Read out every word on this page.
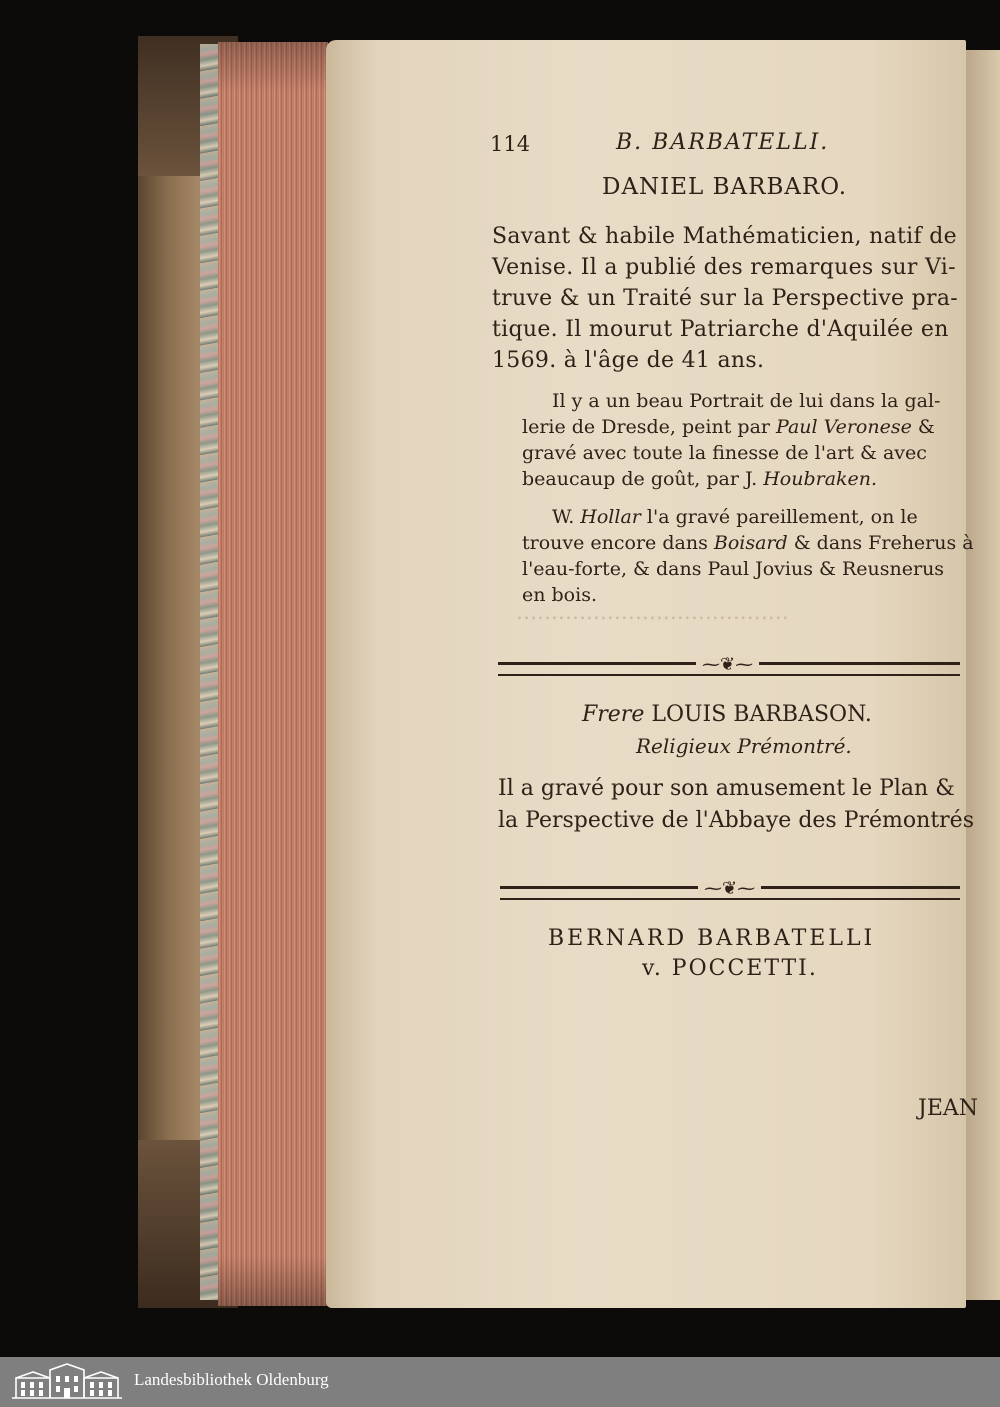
.......................................
114	B. BARBATELLI.
DANIEL BARBARO.
Savant & habile Mathématicien, natif de
Venise. Il a publié des remarques sur Vi-
truve & un Traité sur la Perspective pra-
tique. Il mourut Patriarche d'Aquilée en
1569. à l'âge de 41 ans.
Il y a un beau Portrait de lui dans la gal-
lerie de Dresde, peint par Paul Veronese &
gravé avec toute la finesse de l'art & avec
beaucaup de goût, par J. Houbraken.
W. Hollar l'a gravé pareillement, on le
trouve encore dans Boisard & dans Freherus à
l'eau-forte, & dans Paul Jovius & Reusnerus
en bois.
⁓❦⁓
Frere LOUIS BARBASON.
Religieux Prémontré.
Il a gravé pour son amusement le Plan &
la Perspective de l'Abbaye des Prémontrés
⁓❦⁓
BERNARD BARBATELLI
v. POCCETTI.
JEAN
Landesbibliothek Oldenburg
